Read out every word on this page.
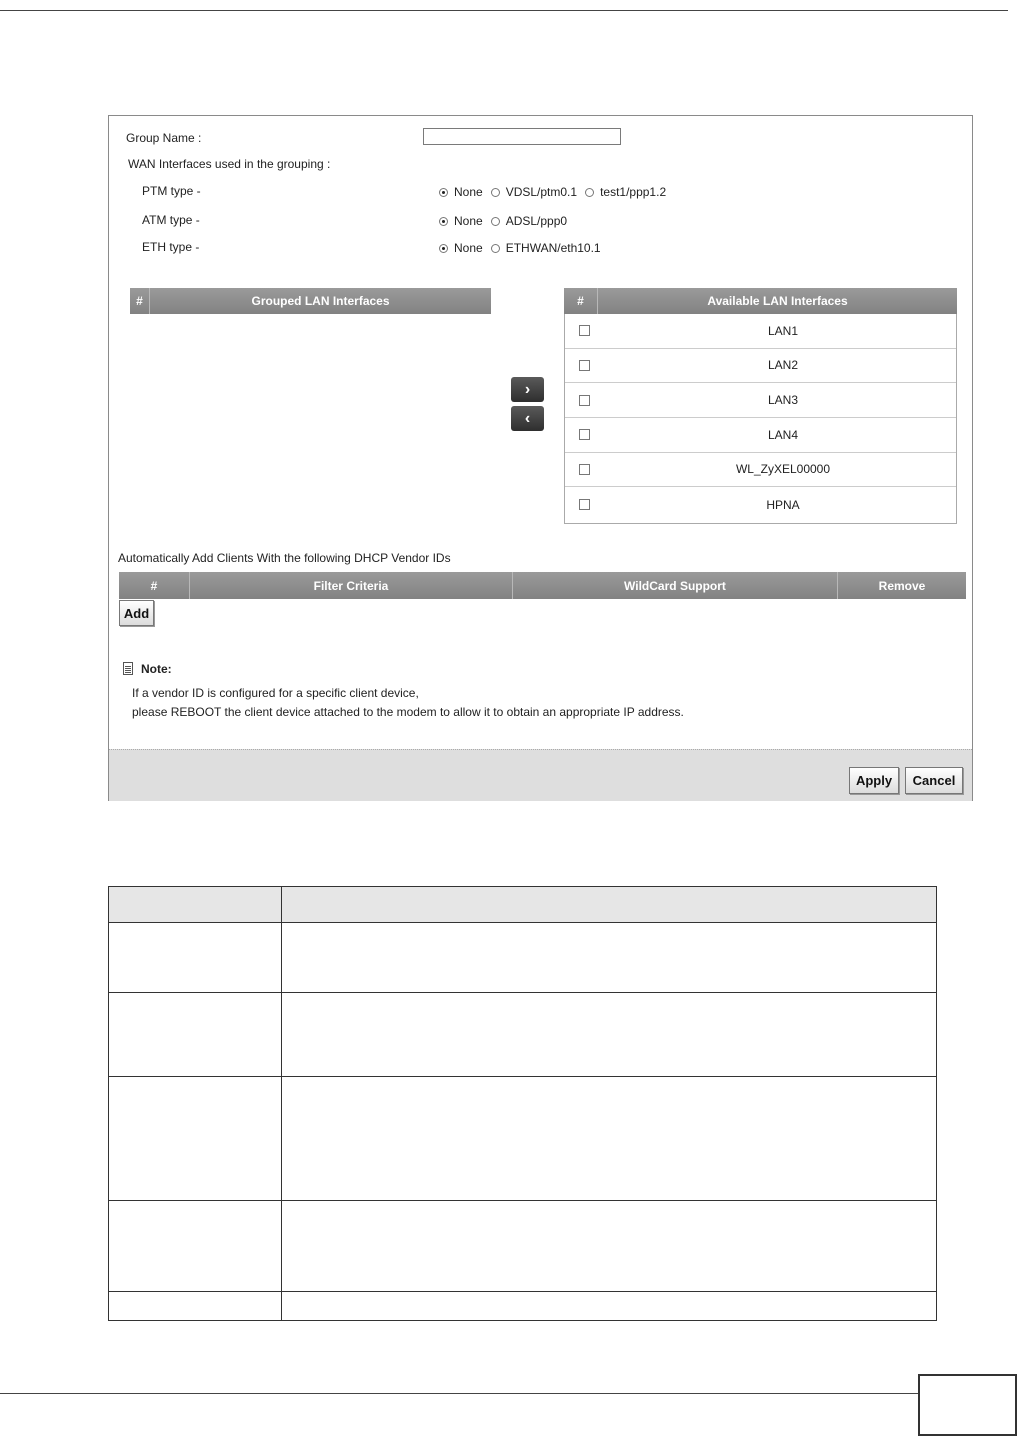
Group Name :
WAN Interfaces used in the grouping :
PTM type -	None VDSL/ptm0.1 test1/ppp1.2
ATM type -	None ADSL/ppp0
ETH type -	None ETHWAN/eth10.1
#	Grouped LAN Interfaces
›
‹
#	Available LAN Interfaces
LAN1
LAN2
LAN3
LAN4
WL_ZyXEL00000
HPNA
Automatically Add Clients With the following DHCP Vendor IDs
#	Filter Criteria	WildCard Support	Remove
Add
Note:
If a vendor ID is configured for a specific client device,
please REBOOT the client device attached to the modem to allow it to obtain an appropriate IP address.
Apply	Cancel
